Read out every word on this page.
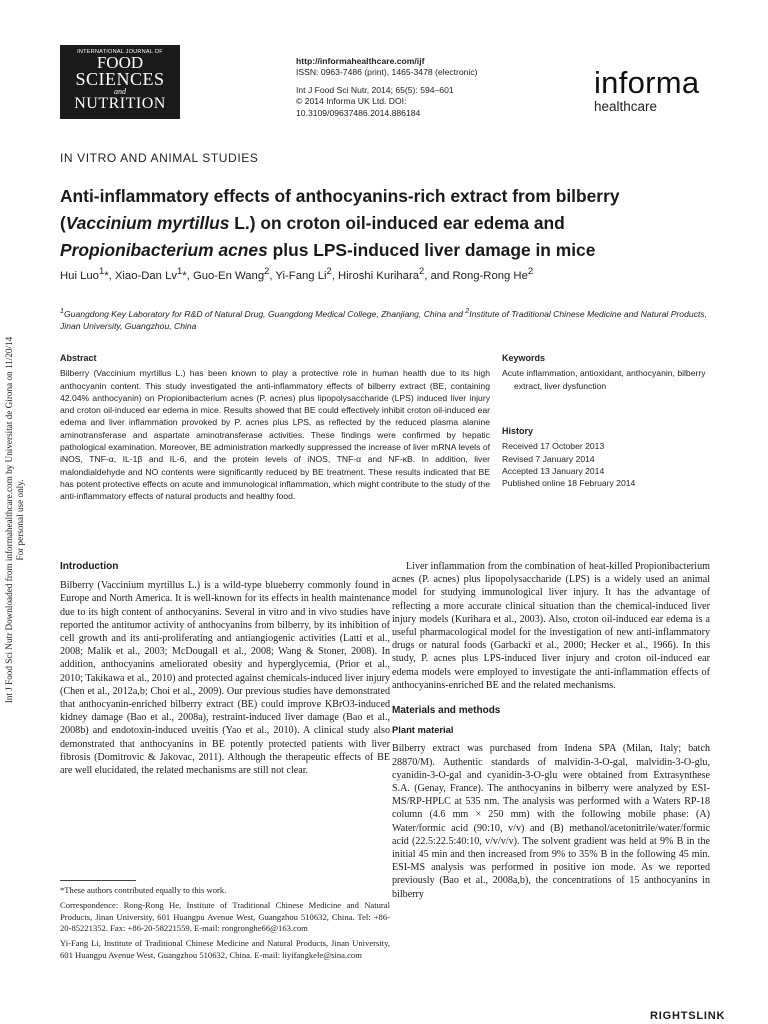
Int J Food Sci Nutr Downloaded from informahealthcare.com by Universitat de Girona on 11/20/14 For personal use only.
INTERNATIONAL JOURNAL OF
FOOD
SCIENCES
and
NUTRITION
http://informahealthcare.com/ijf
ISSN: 0963-7486 (print), 1465-3478 (electronic)
Int J Food Sci Nutr, 2014; 65(5): 594–601
© 2014 Informa UK Ltd. DOI: 10.3109/09637486.2014.886184
informa
healthcare
IN VITRO AND ANIMAL STUDIES
Anti-inflammatory effects of anthocyanins-rich extract from bilberry (Vaccinium myrtillus L.) on croton oil-induced ear edema and Propionibacterium acnes plus LPS-induced liver damage in mice
Hui Luo$^1$*, Xiao-Dan Lv$^1$*, Guo-En Wang$^2$, Yi-Fang Li$^2$, Hiroshi Kurihara$^2$, and Rong-Rong He$^2$
$^1$Guangdong Key Laboratory for R&D of Natural Drug, Guangdong Medical College, Zhanjiang, China and $^2$Institute of Traditional Chinese Medicine and Natural Products, Jinan University, Guangzhou, China
Abstract

Bilberry (Vaccinium myrtillus L.) has been known to play a protective role in human health due to its high anthocyanin content. This study investigated the anti-inflammatory effects of bilberry extract (BE, containing 42.04% anthocyanin) on Propionibacterium acnes (P. acnes) plus lipopolysaccharide (LPS) induced liver injury and croton oil-induced ear edema in mice. Results showed that BE could effectively inhibit croton oil-induced ear edema and liver inflammation provoked by P. acnes plus LPS, as reflected by the reduced plasma alanine aminotransferase and aspartate aminotransferase activities. These findings were confirmed by hepatic pathological examination. Moreover, BE administration markedly suppressed the increase of liver mRNA levels of iNOS, TNF-α, IL-1β and IL-6, and the protein levels of iNOS, TNF-α and NF-κB. In addition, liver malondialdehyde and NO contents were significantly reduced by BE treatment. These results indicated that BE has potent protective effects on acute and immunological inflammation, which might contribute to the study of the anti-inflammatory effects of natural products and healthy food.

Keywords

Acute inflammation, antioxidant, anthocyanin, bilberry extract, liver dysfunction

History
Received 17 October 2013
Revised 7 January 2014
Accepted 13 January 2014
Published online 18 February 2014
Introduction

Bilberry (Vaccinium myrtillus L.) is a wild-type blueberry commonly found in Europe and North America. It is well-known for its effects in health maintenance due to its high content of anthocyanins. Several in vitro and in vivo studies have reported the antitumor activity of anthocyanins from bilberry, by its inhibition of cell growth and its anti-proliferating and antiangiogenic activities (Latti et al., 2008; Malik et al., 2003; McDougall et al., 2008; Wang & Stoner, 2008). In addition, anthocyanins ameliorated obesity and hyperglycemia, (Prior et al., 2010; Takikawa et al., 2010) and protected against chemicals-induced liver injury (Chen et al., 2012a,b; Choi et al., 2009). Our previous studies have demonstrated that anthocyanin-enriched bilberry extract (BE) could improve KBrO3-induced kidney damage (Bao et al., 2008a), restraint-induced liver damage (Bao et al., 2008b) and endotoxin-induced uveitis (Yao et al., 2010). A clinical study also demonstrated that anthocyanins in BE potently protected patients with liver fibrosis (Domitrovic & Jakovac, 2011). Although the therapeutic effects of BE are well elucidated, the related mechanisms are still not clear.

Liver inflammation from the combination of heat-killed Propionibacterium acnes (P. acnes) plus lipopolysaccharide (LPS) is a widely used an animal model for studying immunological liver injury. It has the advantage of reflecting a more accurate clinical situation than the chemical-induced liver injury models (Kurihara et al., 2003). Also, croton oil-induced ear edema is a useful pharmacological model for the investigation of new anti-inflammatory drugs or natural foods (Garbacki et al., 2000; Hecker et al., 1966). In this study, P. acnes plus LPS-induced liver injury and croton oil-induced ear edema models were employed to investigate the anti-inflammation effects of anthocyanins-enriched BE and the related mechanisms.

Materials and methods
Plant material

Bilberry extract was purchased from Indena SPA (Milan, Italy; batch 28870/M). Authentic standards of malvidin-3-O-gal, malvidin-3-O-glu, cyanidin-3-O-gal and cyanidin-3-O-glu were obtained from Extrasynthese S.A. (Genay, France). The anthocyanins in bilberry were analyzed by ESI-MS/RP-HPLC at 535 nm. The analysis was performed with a Waters RP-18 column (4.6 mm × 250 mm) with the following mobile phase: (A) Water/formic acid (90:10, v/v) and (B) methanol/acetonitrile/water/formic acid (22.5:22.5:40:10, v/v/v/v). The solvent gradient was held at 9% B in the initial 45 min and then increased from 9% to 35% B in the following 45 min. ESI-MS analysis was performed in positive ion mode. As we reported previously (Bao et al., 2008a,b), the concentrations of 15 anthocyanins in bilberry

*These authors contributed equally to this work.

Correspondence: Rong-Rong He, Institute of Traditional Chinese Medicine and Natural Products, Jinan University, 601 Huangpu Avenue West, Guangzhou 510632, China. Tel: +86-20-85221352. Fax: +86-20-58221559. E-mail: rongronghe66@163.com

Yi-Fang Li, Institute of Traditional Chinese Medicine and Natural Products, Jinan University, 601 Huangpu Avenue West, Guangzhou 510632, China. E-mail: liyifangkele@sina.com

RIGHTSLINK
